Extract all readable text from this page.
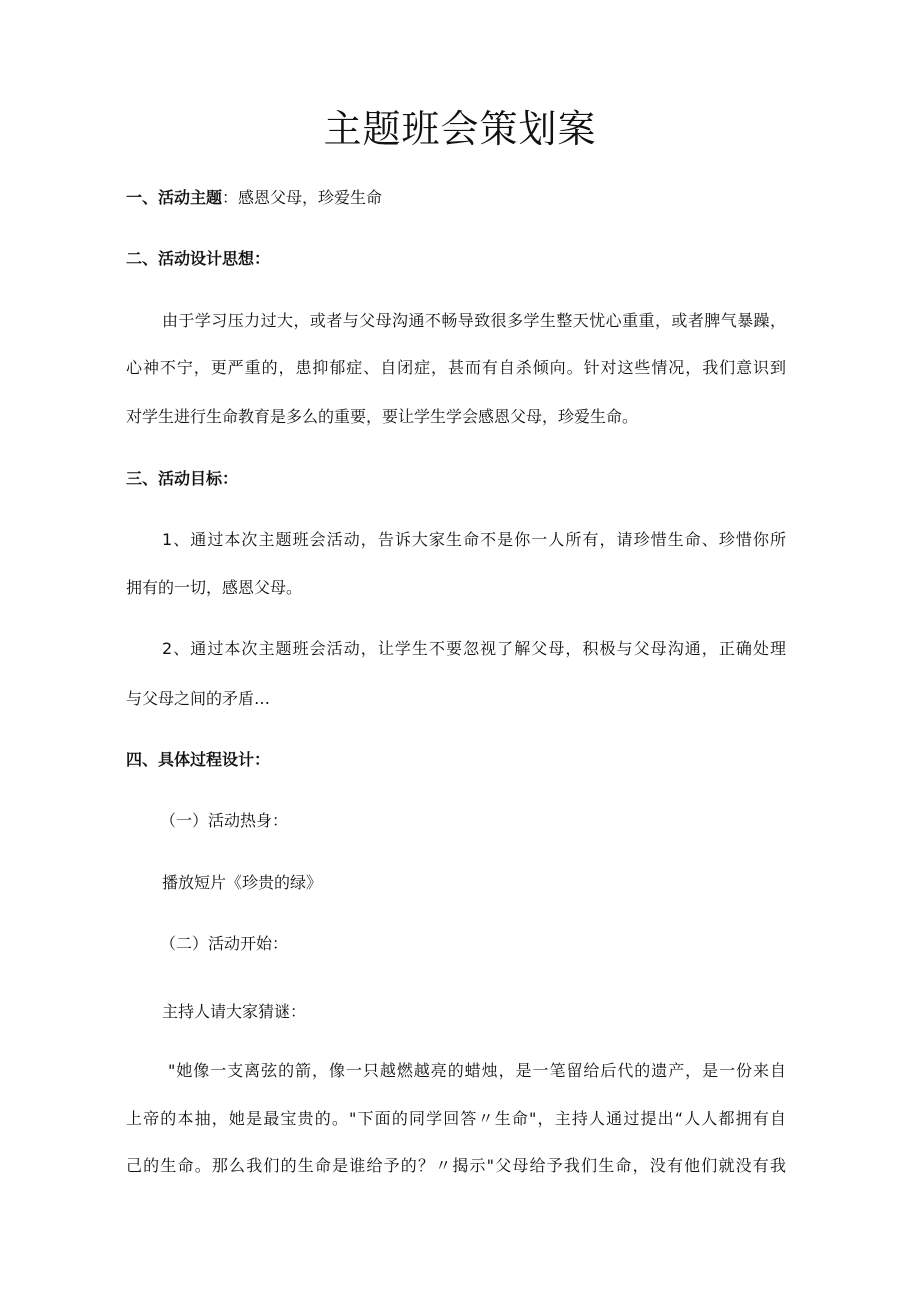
主题班会策划案

一、活动主题：感恩父母，珍爱生命

二、活动设计思想：

由于学习压力过大，或者与父母沟通不畅导致很多学生整天忧心重重，或者脾气暴躁，

心神不宁，更严重的，患抑郁症、自闭症，甚而有自杀倾向。针对这些情况，我们意识到

对学生进行生命教育是多么的重要，要让学生学会感恩父母，珍爱生命。

三、活动目标：

1、通过本次主题班会活动，告诉大家生命不是你一人所有，请珍惜生命、珍惜你所

拥有的一切，感恩父母。

2、通过本次主题班会活动，让学生不要忽视了解父母，积极与父母沟通，正确处理

与父母之间的矛盾…

四、具体过程设计：

（一）活动热身：

播放短片《珍贵的绿》

（二）活动开始：

主持人请大家猜谜：

"她像一支离弦的箭，像一只越燃越亮的蜡烛，是一笔留给后代的遗产，是一份来自

上帝的本抽，她是最宝贵的。"下面的同学回答〃生命"，主持人通过提出“人人都拥有自

己的生命。那么我们的生命是谁给予的？〃揭示"父母给予我们生命，没有他们就没有我
